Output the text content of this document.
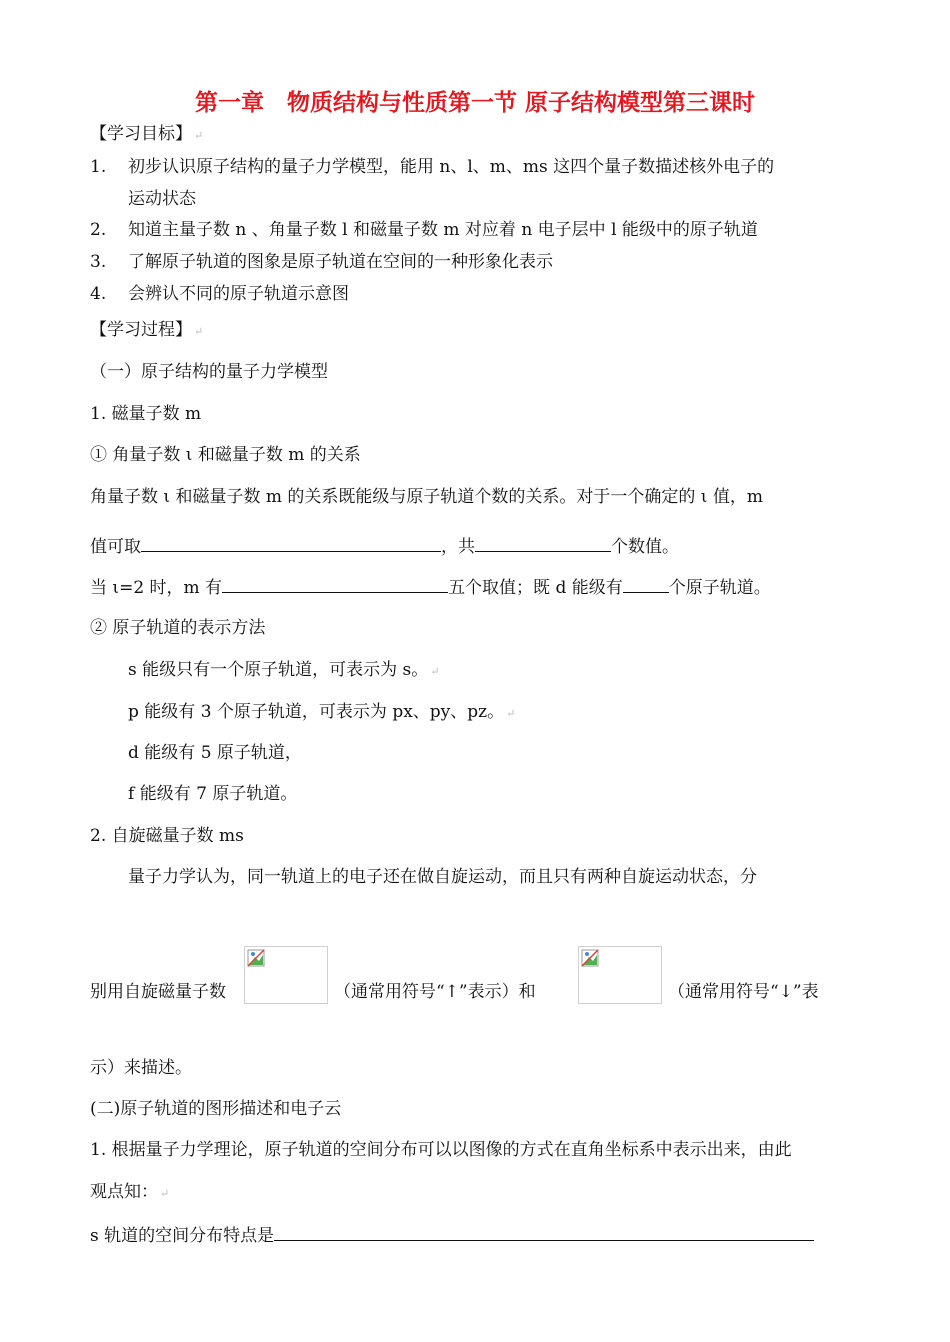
第一章　物质结构与性质第一节 原子结构模型第三课时
【学习目标】 ↵
1. 初步认识原子结构的量子力学模型，能用 n、l、m、ms 这四个量子数描述核外电子的
运动状态
2. 知道主量子数 n 、角量子数 l 和磁量子数 m 对应着 n 电子层中 l 能级中的原子轨道
3. 了解原子轨道的图象是原子轨道在空间的一种形象化表示
4. 会辨认不同的原子轨道示意图
【学习过程】 ↵
（一）原子结构的量子力学模型
1. 磁量子数 m
① 角量子数 ι 和磁量子数 m 的关系
角量子数 ι 和磁量子数 m 的关系既能级与原子轨道个数的关系。对于一个确定的 ι 值，m
值可取	，共	个数值。
当 ι=2 时，m 有	五个取值；既 d 能级有	个原子轨道。
② 原子轨道的表示方法
s 能级只有一个原子轨道，可表示为 s。 ↵
p 能级有 3 个原子轨道，可表示为 px、py、pz。 ↵
d 能级有 5 原子轨道，
f 能级有 7 原子轨道。
2. 自旋磁量子数 ms
量子力学认为，同一轨道上的电子还在做自旋运动，而且只有两种自旋运动状态，分
别用自旋磁量子数	（通常用符号“↑”表示）和	（通常用符号“↓”表
示）来描述。
(二)原子轨道的图形描述和电子云
1. 根据量子力学理论，原子轨道的空间分布可以以图像的方式在直角坐标系中表示出来，由此
观点知： ↵
s 轨道的空间分布特点是
